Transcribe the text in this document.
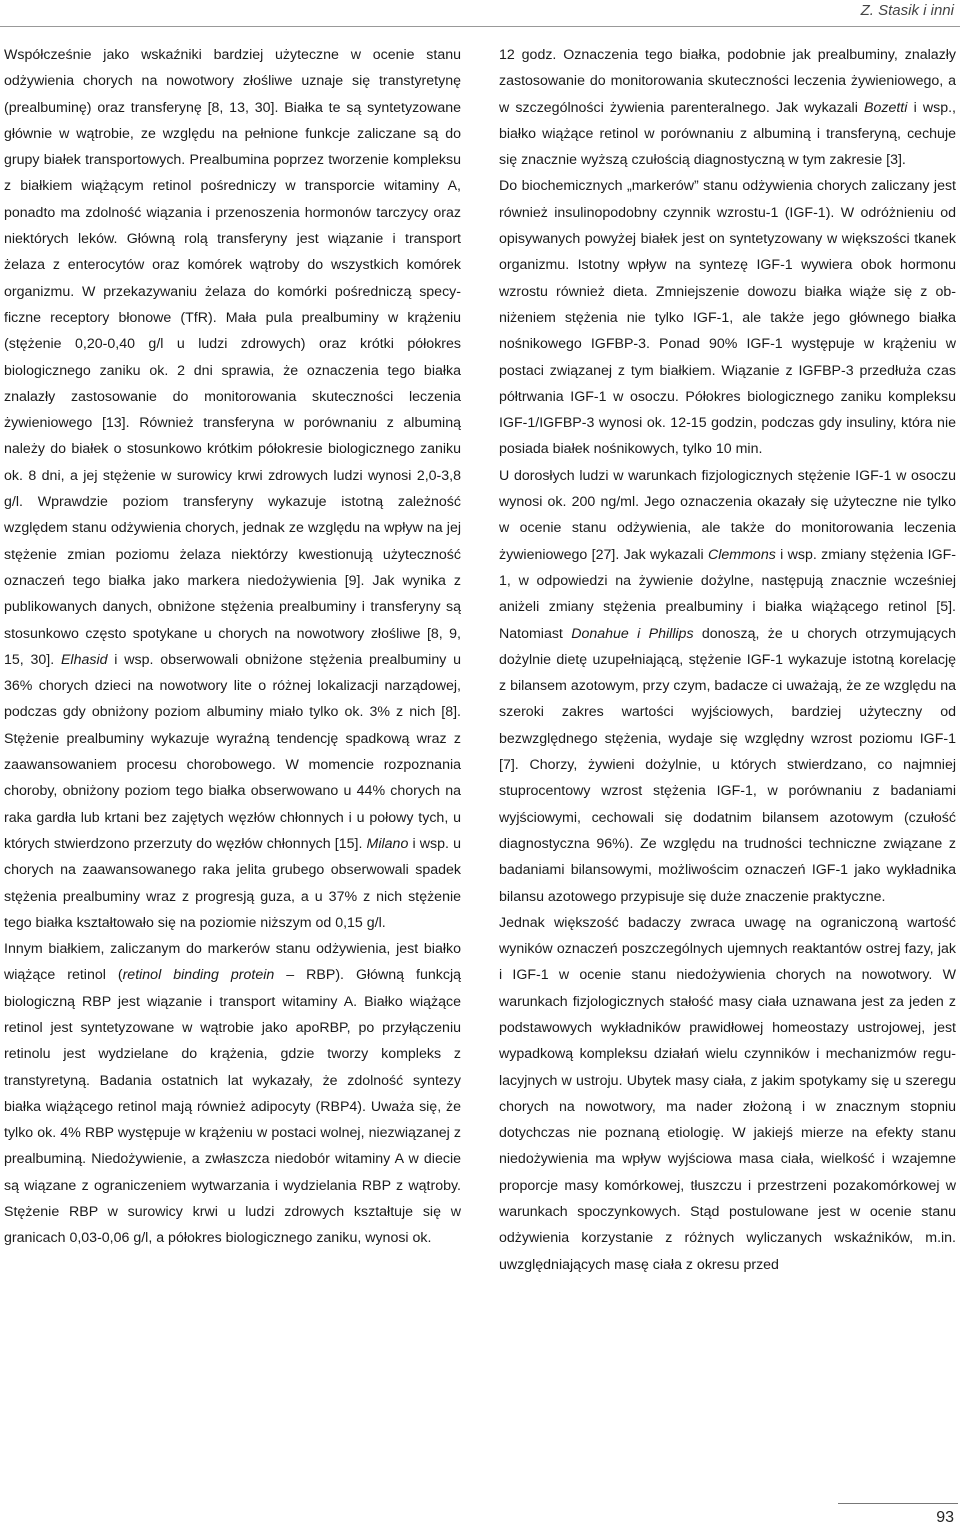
Z. Stasik i inni

Współcześnie jako wskaźniki bardziej użyteczne w ocenie stanu odżywienia chorych na nowotwory złośliwe uznaje się transtyretynę (prealbuminę) oraz transferynę [8, 13, 30]. Białka te są syntetyzowane głównie w wątrobie, ze względu na pełnione funkcje zaliczane są do grupy białek transportowych. Prealbumina poprzez tworzenie kompleksu z białkiem wiążącym retinol pośredniczy w transporcie witaminy A, ponadto ma zdolność wiązania i przenoszenia hormonów tarczycy oraz niektórych leków. Główną rolą transferyny jest wiązanie i transport żelaza z enterocytów oraz komórek wątroby do wszystkich komórek organizmu. W przekazywaniu żelaza do komórki pośredniczą specyficzne receptory błonowe (TfR). Mała pula prealbuminy w krążeniu (stężenie 0,20-0,40 g/l u ludzi zdrowych) oraz krótki półokres biologicznego zaniku ok. 2 dni sprawia, że oznaczenia tego białka znalazły zastosowanie do monitorowania skuteczności leczenia żywieniowego [13]. Również transferyna w porównaniu z albuminą należy do białek o stosunkowo krótkim półokresie biologicznego zaniku ok. 8 dni, a jej stężenie w surowicy krwi zdrowych ludzi wynosi 2,0-3,8 g/l. Wprawdzie poziom transferyny wykazuje istotną zależność względem stanu odżywienia chorych, jednak ze względu na wpływ na jej stężenie zmian poziomu żelaza niektórzy kwestionują użyteczność oznaczeń tego białka jako markera niedożywienia [9]. Jak wynika z publikowanych danych, obniżone stężenia prealbuminy i transferyny są stosunkowo często spotykane u chorych na nowotwory złośliwe [8, 9, 15, 30]. Elhasid i wsp. obserwowali obniżone stężenia prealbuminy u 36% chorych dzieci na nowotwory lite o różnej lokalizacji narządowej, podczas gdy obniżony poziom albuminy miało tylko ok. 3% z nich [8]. Stężenie prealbuminy wykazuje wyraźną tendencję spadkową wraz z zaawansowaniem procesu chorobowego. W momencie rozpoznania choroby, obniżony poziom tego białka obserwowano u 44% chorych na raka gardła lub krtani bez zajętych węzłów chłonnych i u połowy tych, u których stwierdzono przerzuty do węzłów chłonnych [15]. Milano i wsp. u chorych na zaawansowanego raka jelita grubego obserwowali spadek stężenia prealbuminy wraz z progresją guza, a u 37% z nich stężenie tego białka kształtowało się na poziomie niższym od 0,15 g/l.

Innym białkiem, zaliczanym do markerów stanu odżywienia, jest białko wiążące retinol (retinol binding protein – RBP). Główną funkcją biologiczną RBP jest wiązanie i transport witaminy A. Białko wiążące retinol jest syntetyzowane w wątrobie jako apoRBP, po przyłączeniu retinolu jest wydzielane do krążenia, gdzie tworzy kompleks z transtyretyną. Badania ostatnich lat wykazały, że zdolność syntezy białka wiążącego retinol mają również adipocyty (RBP4). Uważa się, że tylko ok. 4% RBP występuje w krążeniu w postaci wolnej, niezwiązanej z prealbuminą. Niedożywienie, a zwłaszcza niedobór witaminy A w diecie są wiązane z ograniczeniem wytwarzania i wydzielania RBP z wątroby. Stężenie RBP w surowicy krwi u ludzi zdrowych kształtuje się w granicach 0,03-0,06 g/l, a półokres biologicznego zaniku, wynosi ok.

12 godz. Oznaczenia tego białka, podobnie jak prealbuminy, znalazły zastosowanie do monitorowania skuteczności leczenia żywieniowego, a w szczególności żywienia parenteralnego. Jak wykazali Bozetti i wsp., białko wiążące retinol w porównaniu z albuminą i transferyną, cechuje się znacznie wyższą czułością diagnostyczną w tym zakresie [3].

Do biochemicznych „markerów” stanu odżywienia chorych zaliczany jest również insulinopodobny czynnik wzrostu-1 (IGF-1). W odróżnieniu od opisywanych powyżej białek jest on syntetyzowany w większości tkanek organizmu. Istotny wpływ na syntezę IGF-1 wywiera obok hormonu wzrostu również dieta. Zmniejszenie dowozu białka wiąże się z obniżeniem stężenia nie tylko IGF-1, ale także jego głównego białka nośnikowego IGFBP-3. Ponad 90% IGF-1 występuje w krążeniu w postaci związanej z tym białkiem. Wiązanie z IGFBP-3 przedłuża czas półtrwania IGF-1 w osoczu. Półokres biologicznego zaniku kompleksu IGF-1/IGFBP-3 wynosi ok. 12-15 godzin, podczas gdy insuliny, która nie posiada białek nośnikowych, tylko 10 min.

U dorosłych ludzi w warunkach fizjologicznych stężenie IGF-1 w osoczu wynosi ok. 200 ng/ml. Jego oznaczenia okazały się użyteczne nie tylko w ocenie stanu odżywienia, ale także do monitorowania leczenia żywieniowego [27]. Jak wykazali Clemmons i wsp. zmiany stężenia IGF-1, w odpowiedzi na żywienie dożylne, następują znacznie wcześniej aniżeli zmiany stężenia prealbuminy i białka wiążącego retinol [5]. Natomiast Donahue i Phillips donoszą, że u chorych otrzymujących dożylnie dietę uzupełniającą, stężenie IGF-1 wykazuje istotną korelację z bilansem azotowym, przy czym, badacze ci uważają, że ze względu na szeroki zakres wartości wyjściowych, bardziej użyteczny od bezwzględnego stężenia, wydaje się względny wzrost poziomu IGF-1 [7]. Chorzy, żywieni dożylnie, u których stwierdzano, co najmniej stuprocentowy wzrost stężenia IGF-1, w porównaniu z badaniami wyjściowymi, cechowali się dodatnim bilansem azotowym (czułość diagnostyczna 96%). Ze względu na trudności techniczne związane z badaniami bilansowymi, możliwościm oznaczeń IGF-1 jako wykładnika bilansu azotowego przypisuje się duże znaczenie praktyczne.

Jednak większość badaczy zwraca uwagę na ograniczoną wartość wyników oznaczeń poszczególnych ujemnych reaktantów ostrej fazy, jak i IGF-1 w ocenie stanu niedożywienia chorych na nowotwory. W warunkach fizjologicznych stałość masy ciała uznawana jest za jeden z podstawowych wykładników prawidłowej homeostazy ustrojowej, jest wypadkową kompleksu działań wielu czynników i mechanizmów regulacyjnych w ustroju. Ubytek masy ciała, z jakim spotykamy się u szeregu chorych na nowotwory, ma nader złożoną i w znacznym stopniu dotychczas nie poznaną etiologię. W jakiejś mierze na efekty stanu niedożywienia ma wpływ wyjściowa masa ciała, wielkość i wzajemne proporcje masy komórkowej, tłuszczu i przestrzeni pozakomórkowej w warunkach spoczynkowych. Stąd postulowane jest w ocenie stanu odżywienia korzystanie z różnych wyliczanych wskaźników, m.in. uwzględniających masę ciała z okresu przed

93
